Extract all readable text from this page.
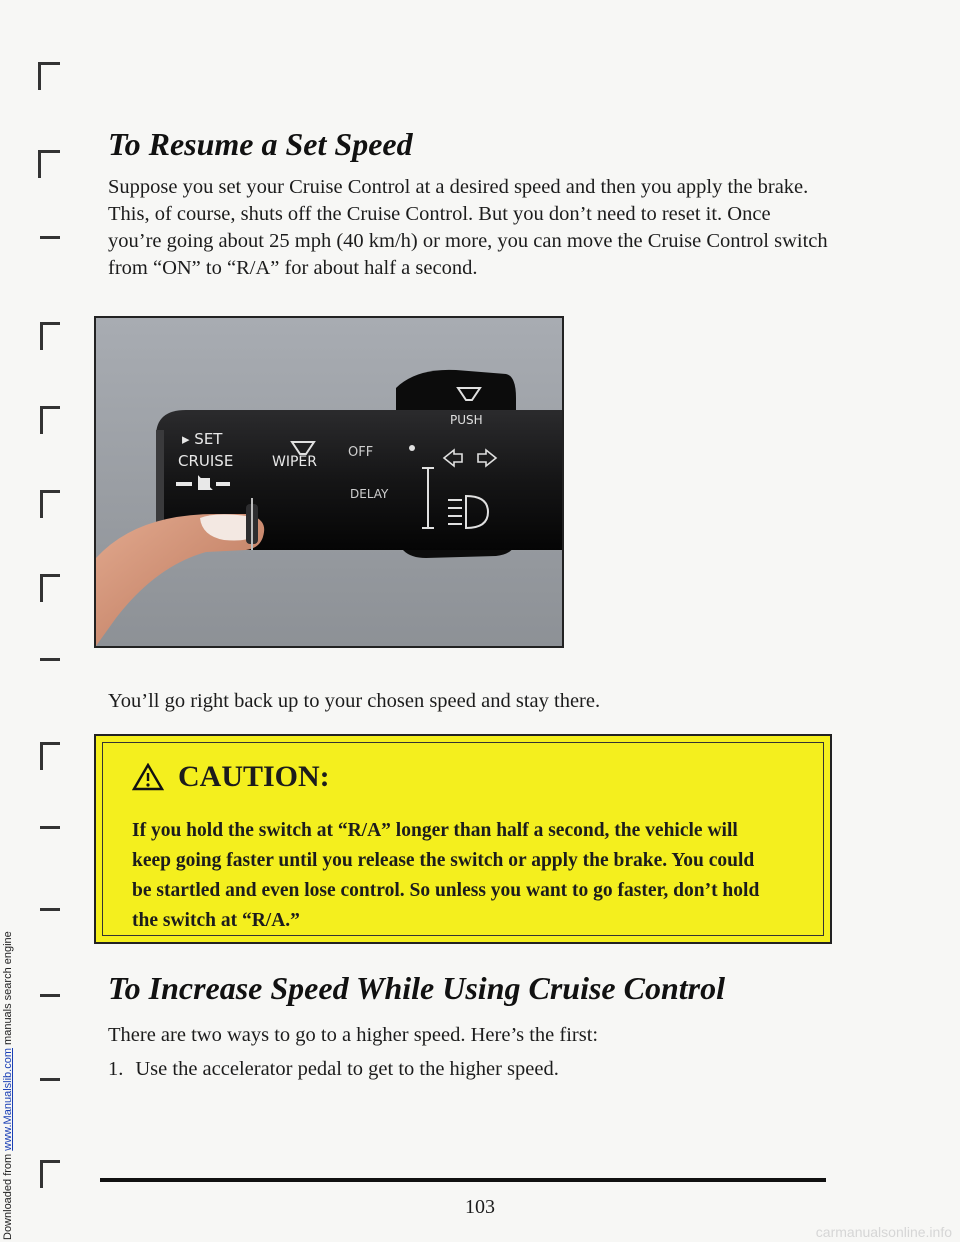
To Resume a Set Speed

Suppose you set your Cruise Control at a desired speed and then you apply the brake. This, of course, shuts off the Cruise Control. But you don’t need to reset it. Once you’re going about 25 mph (40 km/h) or more, you can move the Cruise Control switch from “ON” to “R/A” for about half a second.

▸ SET
CRUISE	WIPER
OFF
DELAY
PUSH

You’ll go right back up to your chosen speed and stay there.

CAUTION:

If you hold the switch at “R/A” longer than half a second, the vehicle will keep going faster until you release the switch or apply the brake. You could be startled and even lose control. So unless you want to go faster, don’t hold the switch at “R/A.”

To Increase Speed While Using Cruise Control

There are two ways to go to a higher speed. Here’s the first:

1. Use the accelerator pedal to get to the higher speed.
103
Downloaded from www.Manualslib.com manuals search engine
carmanualsonline.info
